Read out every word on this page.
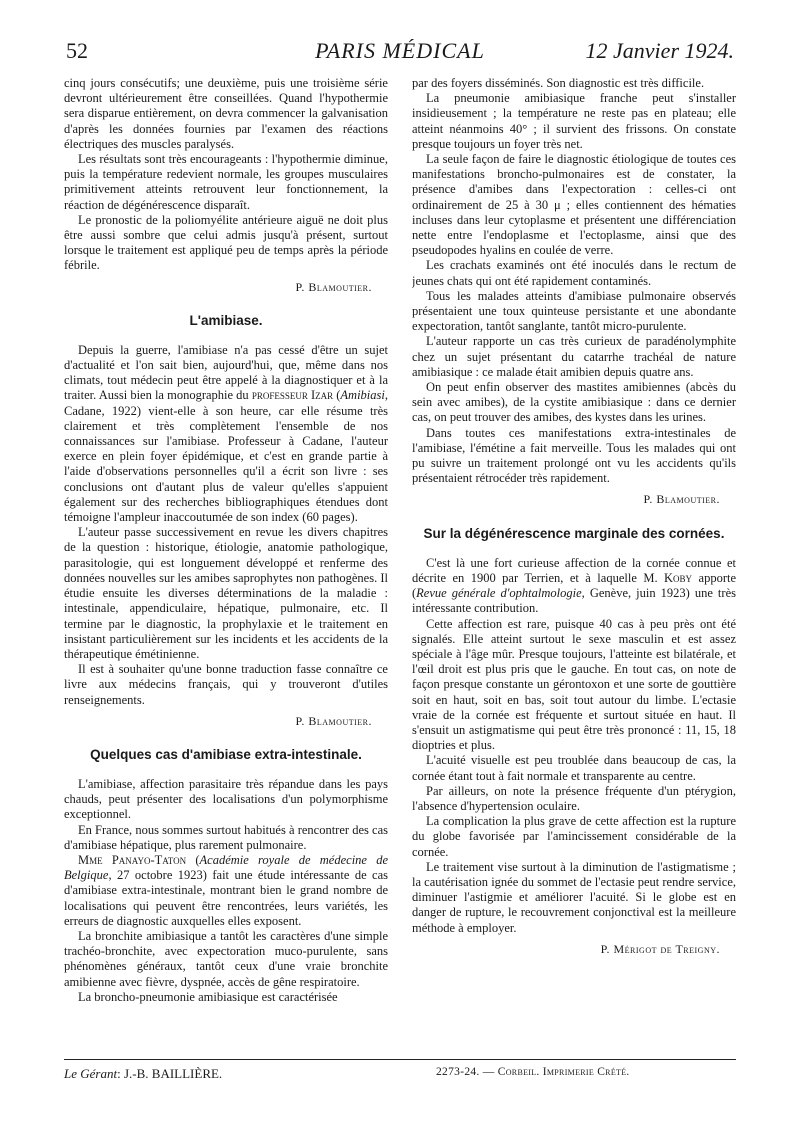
52	PARIS MÉDICAL	12 Janvier 1924.

cinq jours consécutifs; une deuxième, puis une troisième série devront ultérieurement être conseillées. Quand l'hypothermie sera disparue entièrement, on devra commencer la galvanisation d'après les données fournies par l'examen des réactions électriques des muscles paralysés.

Les résultats sont très encourageants : l'hypothermie diminue, puis la température redevient normale, les groupes musculaires primitivement atteints retrouvent leur fonctionnement, la réaction de dégénérescence disparaît.

Le pronostic de la poliomyélite antérieure aiguë ne doit plus être aussi sombre que celui admis jusqu'à présent, surtout lorsque le traitement est appliqué peu de temps après la période fébrile.

P. Blamoutier.
L'amibiase.

Depuis la guerre, l'amibiase n'a pas cessé d'être un sujet d'actualité et l'on sait bien, aujourd'hui, que, même dans nos climats, tout médecin peut être appelé à la diagnostiquer et à la traiter. Aussi bien la monographie du professeur Izar (Amibiasi, Cadane, 1922) vient-elle à son heure, car elle résume très clairement et très complètement l'ensemble de nos connaissances sur l'amibiase. Professeur à Cadane, l'auteur exerce en plein foyer épidémique, et c'est en grande partie à l'aide d'observations personnelles qu'il a écrit son livre : ses conclusions ont d'autant plus de valeur qu'elles s'appuient également sur des recherches bibliographiques étendues dont témoigne l'ampleur inaccoutumée de son index (60 pages).

L'auteur passe successivement en revue les divers chapitres de la question : historique, étiologie, anatomie pathologique, parasitologie, qui est longuement développé et renferme des données nouvelles sur les amibes saprophytes non pathogènes. Il étudie ensuite les diverses déterminations de la maladie : intestinale, appendiculaire, hépatique, pulmonaire, etc. Il termine par le diagnostic, la prophylaxie et le traitement en insistant particulièrement sur les incidents et les accidents de la thérapeutique émétinienne.

Il est à souhaiter qu'une bonne traduction fasse connaître ce livre aux médecins français, qui y trouveront d'utiles renseignements.

P. Blamoutier.
Quelques cas d'amibiase extra-intestinale.

L'amibiase, affection parasitaire très répandue dans les pays chauds, peut présenter des localisations d'un polymorphisme exceptionnel.

En France, nous sommes surtout habitués à rencontrer des cas d'amibiase hépatique, plus rarement pulmonaire.

Mme Panayo-Taton (Académie royale de médecine de Belgique, 27 octobre 1923) fait une étude intéressante de cas d'amibiase extra-intestinale, montrant bien le grand nombre de localisations qui peuvent être rencontrées, leurs variétés, les erreurs de diagnostic auxquelles elles exposent.

La bronchite amibiasique a tantôt les caractères d'une simple trachéo-bronchite, avec expectoration muco-purulente, sans phénomènes généraux, tantôt ceux d'une vraie bronchite amibienne avec fièvre, dyspnée, accès de gêne respiratoire.

La broncho-pneumonie amibiasique est caractérisée

par des foyers disséminés. Son diagnostic est très difficile.

La pneumonie amibiasique franche peut s'installer insidieusement ; la température ne reste pas en plateau; elle atteint néanmoins 40° ; il survient des frissons. On constate presque toujours un foyer très net.

La seule façon de faire le diagnostic étiologique de toutes ces manifestations broncho-pulmonaires est de constater, la présence d'amibes dans l'expectoration : celles-ci ont ordinairement de 25 à 30 μ ; elles contiennent des hématies incluses dans leur cytoplasme et présentent une différenciation nette entre l'endoplasme et l'ectoplasme, ainsi que des pseudopodes hyalins en coulée de verre.

Les crachats examinés ont été inoculés dans le rectum de jeunes chats qui ont été rapidement contaminés.

Tous les malades atteints d'amibiase pulmonaire observés présentaient une toux quinteuse persistante et une abondante expectoration, tantôt sanglante, tantôt micro-purulente.

L'auteur rapporte un cas très curieux de paradénolymphite chez un sujet présentant du catarrhe trachéal de nature amibiasique : ce malade était amibien depuis quatre ans.

On peut enfin observer des mastites amibiennes (abcès du sein avec amibes), de la cystite amibiasique : dans ce dernier cas, on peut trouver des amibes, des kystes dans les urines.

Dans toutes ces manifestations extra-intestinales de l'amibiase, l'émétine a fait merveille. Tous les malades qui ont pu suivre un traitement prolongé ont vu les accidents qu'ils présentaient rétrocéder très rapidement.

P. Blamoutier.
Sur la dégénérescence marginale des cornées.

C'est là une fort curieuse affection de la cornée connue et décrite en 1900 par Terrien, et à laquelle M. Koby apporte (Revue générale d'ophtalmologie, Genève, juin 1923) une très intéressante contribution.

Cette affection est rare, puisque 40 cas à peu près ont été signalés. Elle atteint surtout le sexe masculin et est assez spéciale à l'âge mûr. Presque toujours, l'atteinte est bilatérale, et l'œil droit est plus pris que le gauche. En tout cas, on note de façon presque constante un gérontoxon et une sorte de gouttière soit en haut, soit en bas, soit tout autour du limbe. L'ectasie vraie de la cornée est fréquente et surtout située en haut. Il s'ensuit un astigmatisme qui peut être très prononcé : 11, 15, 18 dioptries et plus.

L'acuité visuelle est peu troublée dans beaucoup de cas, la cornée étant tout à fait normale et transparente au centre.

Par ailleurs, on note la présence fréquente d'un ptérygion, l'absence d'hypertension oculaire.

La complication la plus grave de cette affection est la rupture du globe favorisée par l'amincissement considérable de la cornée.

Le traitement vise surtout à la diminution de l'astigmatisme ; la cautérisation ignée du sommet de l'ectasie peut rendre service, diminuer l'astigmie et améliorer l'acuité. Si le globe est en danger de rupture, le recouvrement conjonctival est la meilleure méthode à employer.

P. Mérigot de Treigny.
Le Gérant: J.-B. BAILLIÈRE.	2273-24. — Corbeil. Imprimerie Crété.
